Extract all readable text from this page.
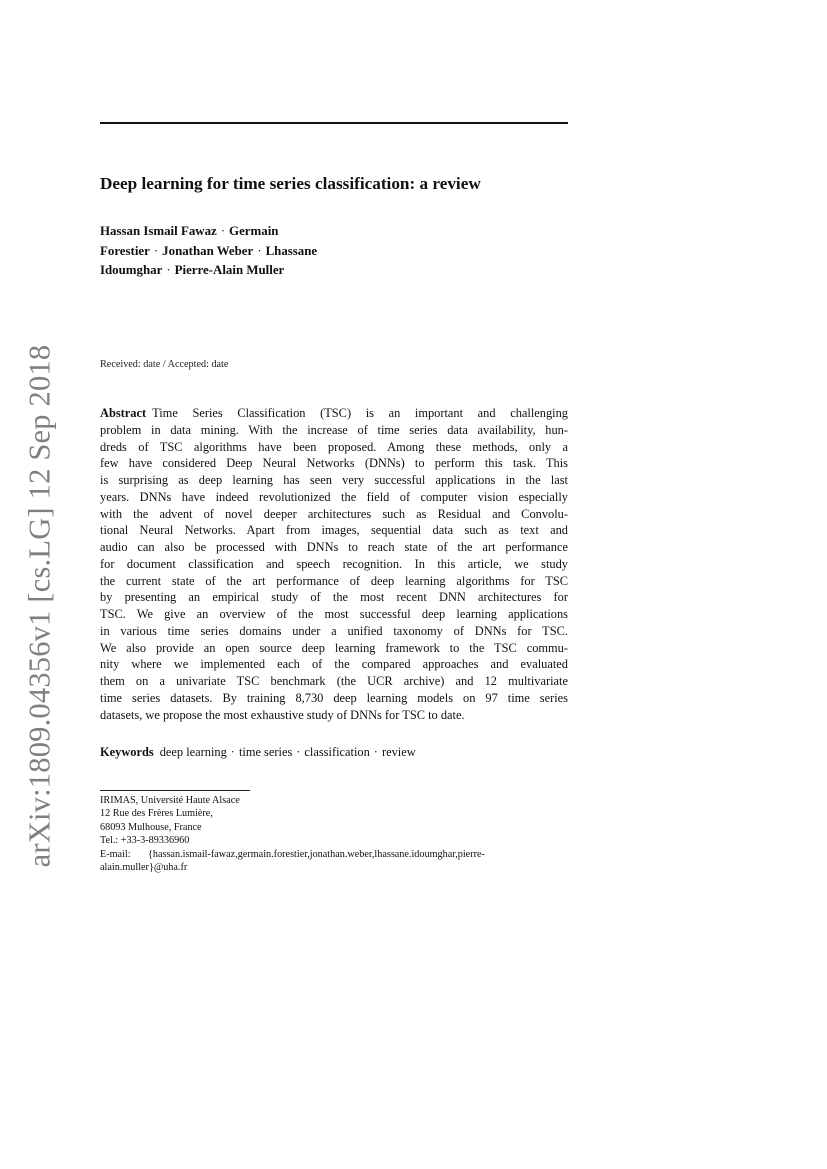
arXiv:1809.04356v1 [cs.LG] 12 Sep 2018
Deep learning for time series classification: a review
Hassan Ismail Fawaz · Germain
Forestier · Jonathan Weber · Lhassane
Idoumghar · Pierre-Alain Muller
Received: date / Accepted: date
Abstract Time Series Classification (TSC) is an important and challenging
problem in data mining. With the increase of time series data availability, hun-
dreds of TSC algorithms have been proposed. Among these methods, only a
few have considered Deep Neural Networks (DNNs) to perform this task. This
is surprising as deep learning has seen very successful applications in the last
years. DNNs have indeed revolutionized the field of computer vision especially
with the advent of novel deeper architectures such as Residual and Convolu-
tional Neural Networks. Apart from images, sequential data such as text and
audio can also be processed with DNNs to reach state of the art performance
for document classification and speech recognition. In this article, we study
the current state of the art performance of deep learning algorithms for TSC
by presenting an empirical study of the most recent DNN architectures for
TSC. We give an overview of the most successful deep learning applications
in various time series domains under a unified taxonomy of DNNs for TSC.
We also provide an open source deep learning framework to the TSC commu-
nity where we implemented each of the compared approaches and evaluated
them on a univariate TSC benchmark (the UCR archive) and 12 multivariate
time series datasets. By training 8,730 deep learning models on 97 time series
datasets, we propose the most exhaustive study of DNNs for TSC to date.
Keywords deep learning · time series · classification · review
IRIMAS, Université Haute Alsace
12 Rue des Frères Lumière,
68093 Mulhouse, France
Tel.: +33-3-89336960
E-mail: {hassan.ismail-fawaz,germain.forestier,jonathan.weber,lhassane.idoumghar,pierre-
alain.muller}@uha.fr
